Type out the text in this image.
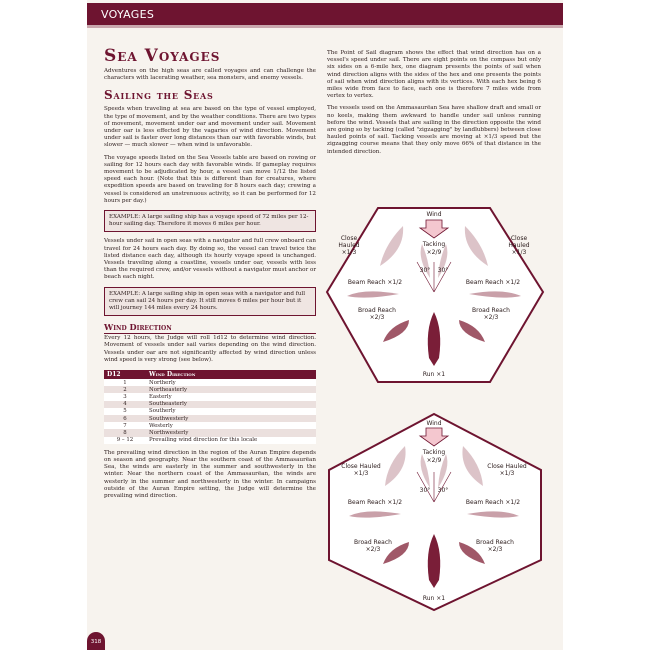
VOYAGES
Sea Voyages

Adventures on the high seas are called voyages and can challenge the characters with lacerating weather, sea monsters, and enemy vessels.

Sailing the Seas

Speeds when traveling at sea are based on the type of vessel employed, the type of movement, and by the weather conditions. There are two types of movement, movement under oar and movement under sail. Movement under oar is less effected by the vagaries of wind direction. Movement under sail is faster over long distances than oar with favorable winds, but slower — much slower — when wind is unfavorable.

The voyage speeds listed on the Sea Vessels table are based on rowing or sailing for 12 hours each day with favorable winds. If gameplay requires movement to be adjudicated by hour, a vessel can move 1/12 the listed speed each hour. (Note that this is different than for creatures, where expedition speeds are based on traveling for 8 hours each day; crewing a vessel is considered an unstrenuous activity, so it can be performed for 12 hours per day.)

EXAMPLE: A large sailing ship has a voyage speed of 72 miles per 12-hour sailing day. Therefore it moves 6 miles per hour.

Vessels under sail in open seas with a navigator and full crew onboard can travel for 24 hours each day. By doing so, the vessel can travel twice the listed distance each day, although its hourly voyage speed is unchanged. Vessels traveling along a coastline, vessels under oar, vessels with less than the required crew, and/or vessels without a navigator must anchor or beach each night.

EXAMPLE: A large sailing ship in open seas with a navigator and full crew can sail 24 hours per day. It still moves 6 miles per hour but it will journey 144 miles every 24 hours.
Wind Direction

Every 12 hours, the Judge will roll 1d12 to determine wind direction. Movement of vessels under sail varies depending on the wind direction. Vessels under oar are not significantly affected by wind direction unless wind speed is very strong (see below).

D12	Wind Direction
1	Northerly
2	Northeasterly
3	Easterly
4	Southeasterly
5	Southerly
6	Southwesterly
7	Westerly
8	Northwesterly
9 – 12	Prevailing wind direction for this locale

The prevailing wind direction in the region of the Auran Empire depends on season and geography. Near the southern coast of the Ammasaurëan Sea, the winds are easterly in the summer and southwesterly in the winter. Near the northern coast of the Ammasaurëan, the winds are westerly in the summer and northwesterly in the winter. In campaigns outside of the Auran Empire setting, the Judge will determine the prevailing wind direction.

The Point of Sail diagram shows the effect that wind direction has on a vessel's speed under sail. There are eight points on the compass but only six sides on a 6-mile hex, one diagram presents the points of sail when wind direction aligns with the sides of the hex and one presents the points of sail when wind direction aligns with its vertices. With each hex being 6 miles wide from face to face, each one is therefore 7 miles wide from vertex to vertex.

The vessels used on the Ammasaurëan Sea have shallow draft and small or no keels, making them awkward to handle under sail unless running before the wind. Vessels that are sailing in the direction opposite the wind are going so by tacking (called "zigzagging" by landlubbers) between close hauled points of sail. Tacking vessels are moving at ×1/3 speed but the zigzagging course means that they only move 66% of that distance in the intended direction.

Wind
Tacking
×2/9
Close
Hauled
×1/3
Close
Hauled
×1/3
30° 30°
Beam Reach ×1/2	Beam Reach ×1/2
Broad Reach
×2/3
Broad Reach
×2/3
Run ×1
Wind
Tacking
×2/9
Close Hauled
×1/3
Close Hauled
×1/3
30° 30°
Beam Reach ×1/2	Beam Reach ×1/2
Broad Reach
×2/3
Broad Reach
×2/3
Run ×1
318
